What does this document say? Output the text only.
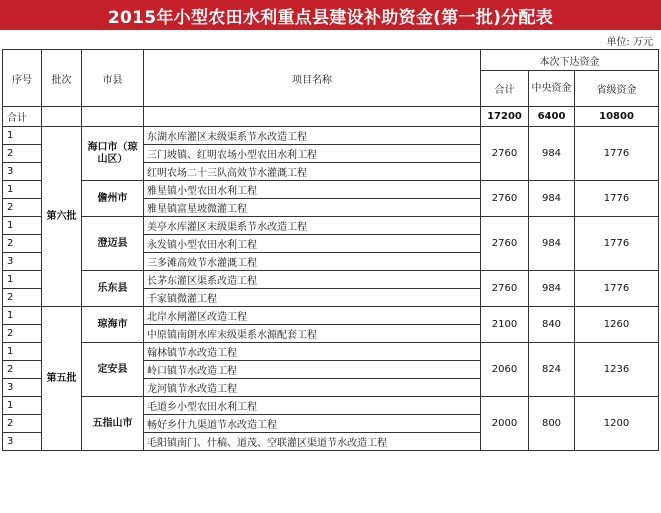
2015年小型农田水利重点县建设补助资金(第一批)分配表
单位: 万元
序号	批次	市县	项目名称	本次下达资金		
				合计	中央资金	省级资金
合计				17200	6400	10800
1	第六批	海口市（琼山区）	东湖水库灌区末级渠系节水改造工程	2760	984	1776
2			三门坡镇、红明农场小型农田水利工程			
3			红明农场二十三队高效节水灌溉工程			
1		儋州市	雅星镇小型农田水利工程	2760	984	1776
2			雅星镇富星坡微灌工程			
1		澄迈县	美亭水库灌区末级渠系节水改造工程	2760	984	1776
2			永发镇小型农田水利工程			
3			三多滩高效节水灌溉工程			
1		乐东县	长茅东灌区渠系改造工程	2760	984	1776
2			千家镇微灌工程			
1	第五批	琼海市	北岸水闸灌区改造工程	2100	840	1260
2			中原镇南朗水库末级渠系水源配套工程			
1		定安县	翰林镇节水改造工程	2060	824	1236
2			岭口镇节水改造工程			
3			龙河镇节水改造工程			
1		五指山市	毛道乡小型农田水利工程	2000	800	1200
2			畅好乡什九渠道节水改造工程			
3			毛阳镇南门、什稿、道茂、空联灌区渠道节水改造工程			
